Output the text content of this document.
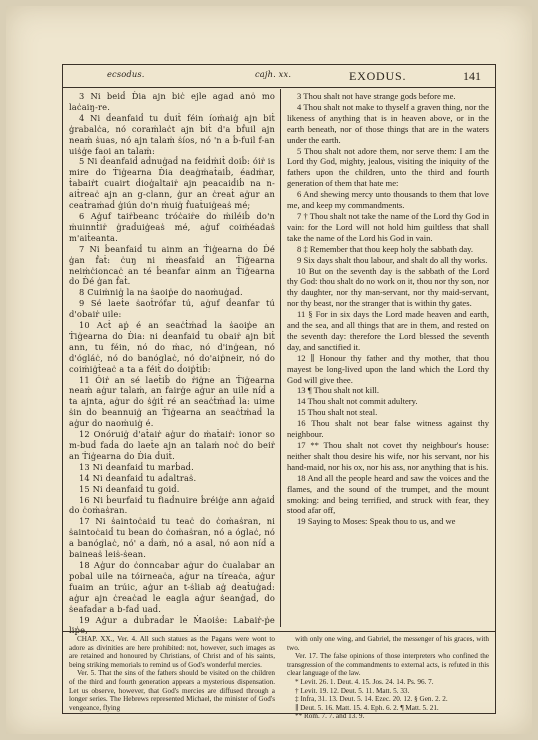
ecsodus.	cajh. xx.	EXODUS.	141

3 Ni beiḋ Ḋia ajn biċ ejle agad anȯ mo laċaiŋ-re.

4 Ni ḋeanfaiḋ tu ḋuiṫ féin íoṁaiġ ajn biṫ ġrabalċa, nó coraṁlaċt ajn biṫ d'a bḟuil ajn neaṁ ṡuas, nó ajn talaṁ ṡíos, nó 'n a ḃ-fuil f-an uiṡġe faoi an talaṁ:

5 Ni ḋeanfaiḋ aḋnuġaḋ na feiḋṁiṫ doiḃ: óiṙ is mire do Ṫiġearna Ḋia deaġṁaṫaiḃ, éadṁar, ṫabaiṙt cuairt ḋioġaltaiṙ ajn peacaiḋiḃ na n-aiṫreaċ ajn an g-clann, ġur an ċreaṫ aġur an ceaṫraṁaḋ ġiún do'n ṁuiġ ḟuaṫuiġeaṡ mé;

6 Aġuf taiṙbeanc tróċaiṙe do ṁiléiḃ do'n ṁuinnṫiṙ ġraḋuiġeaṡ mé, aġuf coiṁéadaṡ m'aiṫeanta.

7 Ni ḃeanfaiḋ tu ainm an Ṫiġearna do Ḋé ġan ḟaṫ: ċuŋ ni ṁeasfaiḋ an Ṫiġearna neiṁċioncaċ an té ḃeanfar ainm an Ṫiġearna do Ḋé ġan ḟaṫ.

8 Cuiṁniġ la na ṡaoiṗe do naoṁuġaḋ.

9 Sé laeṫe ṡaoṫrófar tú, aġuf ḋeanfar tú d'obaiṙ uile:

10 Acṫ aṗ é an seaċṫṁaḋ la ṡaoiṗe an Ṫiġearna do Ḋia: ni ḋeanfaiḋ tu obaiṙ ajn biṫ ann, tu féin, nó do ṁac, nó d'inġean, nó d'ógláċ, nó do banóglaċ, nó do'aiṗneir, nó do coiṁiġṫeaċ a ta a féiṫ do ḋoiṗṫiḃ:

11 Óiṙ an sé laeṫiḃ do ṙiġne an Ṫiġearna neaṁ aġur talaṁ, an fairġe aġur an uile níḋ a ta ajnta, aġur do ṡġiṫ ré an seaċṫṁaḋ la: uime ṡin do beannuiġ an Ṫiġearna an seaċṫṁaḋ la aġur do naoṁuiġ é.

12 Onóruiġ d'aṫaiṙ aġur do ṁaṫaiṙ: ionor so m-buḋ faḋa do laeṫe ajn an talaṁ noċ do beiṙ an Ṫiġearna do Ḋia ḋuiṫ.

13 Ni ḋeanfaiḋ tu marḃaḋ.

14 Ni ḋeanfaiḋ tu aḋaltraṡ.

15 Ni ḋeanfaiḋ tu goiḋ.

16 Ni ḃeurfaiḋ tu fiaḋnuire ḃréiġe ann aġaiḋ do ċoṁaṡran.

17 Ni ṡaintoċaiḋ tu teaċ do ċoṁaṡran, ni ṡaintoċaiḋ tu bean do ċoṁaṡran, nó a óglaċ, nó a banóglaċ, nó' a ḋaṁ, nó a asal, nó aon níḋ a baineaṡ leiṡ-ṡean.

18 Aġur do ċonncabar aġur do ċualabar an pobal uile na tóirneaċa, aġur na tíreaċa, aġur fuaim an trúic, aġur an t-ṡliab aġ deaṫuġaḋ: aġur ajn ċreaċad le eagla aġur ṡeanġaḋ, do ṡeafaḋar a b-faḋ uaḋ.

19 Aġur a duḃraḋar le Ṁaoiṡe: Labaiṙ-ṗe

3 Thou shalt not have strange gods before me.

4 Thou shalt not make to thyself a graven thing, nor the likeness of anything that is in heaven above, or in the earth beneath, nor of those things that are in the waters under the earth.

5 Thou shalt not adore them, nor serve them: I am the Lord thy God, mighty, jealous, visiting the iniquity of the fathers upon the children, unto the third and fourth generation of them that hate me:

6 And shewing mercy unto thousands to them that love me, and keep my commandments.

7 † Thou shalt not take the name of the Lord thy God in vain: for the Lord will not hold him guiltless that shall take the name of the Lord his God in vain.

8 ‡ Remember that thou keep holy the sabbath day.

9 Six days shalt thou labour, and shalt do all thy works.

10 But on the seventh day is the sabbath of the Lord thy God: thou shalt do no work on it, thou nor thy son, nor thy daughter, nor thy man-servant, nor thy maid-servant, nor thy beast, nor the stranger that is within thy gates.

11 § For in six days the Lord made heaven and earth, and the sea, and all things that are in them, and rested on the seventh day: therefore the Lord blessed the seventh day, and sanctified it.

12 ∥ Honour thy father and thy mother, that thou mayest be long-lived upon the land which the Lord thy God will give thee.

13 ¶ Thou shalt not kill.

14 Thou shalt not commit adultery.

15 Thou shalt not steal.

16 Thou shalt not bear false witness against thy neighbour.

17 ** Thou shalt not covet thy neighbour's house: neither shalt thou desire his wife, nor his servant, nor his hand-maid, nor his ox, nor his ass, nor anything that is his.

18 And all the people heard and saw the voices and the flames, and the sound of the trumpet, and the mount smoking: and being terrified, and struck with fear, they stood afar off,

19 Saying to Moses: Speak thou to us, and we

CHAP. XX., Ver. 4. All such statues as the Pagans were wont to adore as divinities are here prohibited: not, however, such images as are retained and honoured by Christians, of Christ and of his saints, being striking memorials to remind us of God's wonderful mercies.

Ver. 5. That the sins of the fathers should be visited on the children of the third and fourth generation appears a mysterious dispensation. Let us observe, however, that God's mercies are diffused through a longer series. The Hebrews represented Michael, the minister of God's vengeance, flying

with only one wing, and Gabriel, the messenger of his graces, with two.

Ver. 17. The false opinions of those interpreters who confined the transgression of the commandments to external acts, is refuted in this clear language of the law.

* Levit. 26. 1. Deut. 4. 15. Jos. 24. 14. Ps. 96. 7.

† Levit. 19. 12. Deut. 5. 11. Matt. 5. 33.

‡ Infra, 31. 13. Deut. 5. 14. Ezec. 20. 12. § Gen. 2. 2.

∥ Deut. 5. 16. Matt. 15. 4. Eph. 6. 2. ¶ Matt. 5. 21.

** Rom. 7. 7. and 13. 9.
